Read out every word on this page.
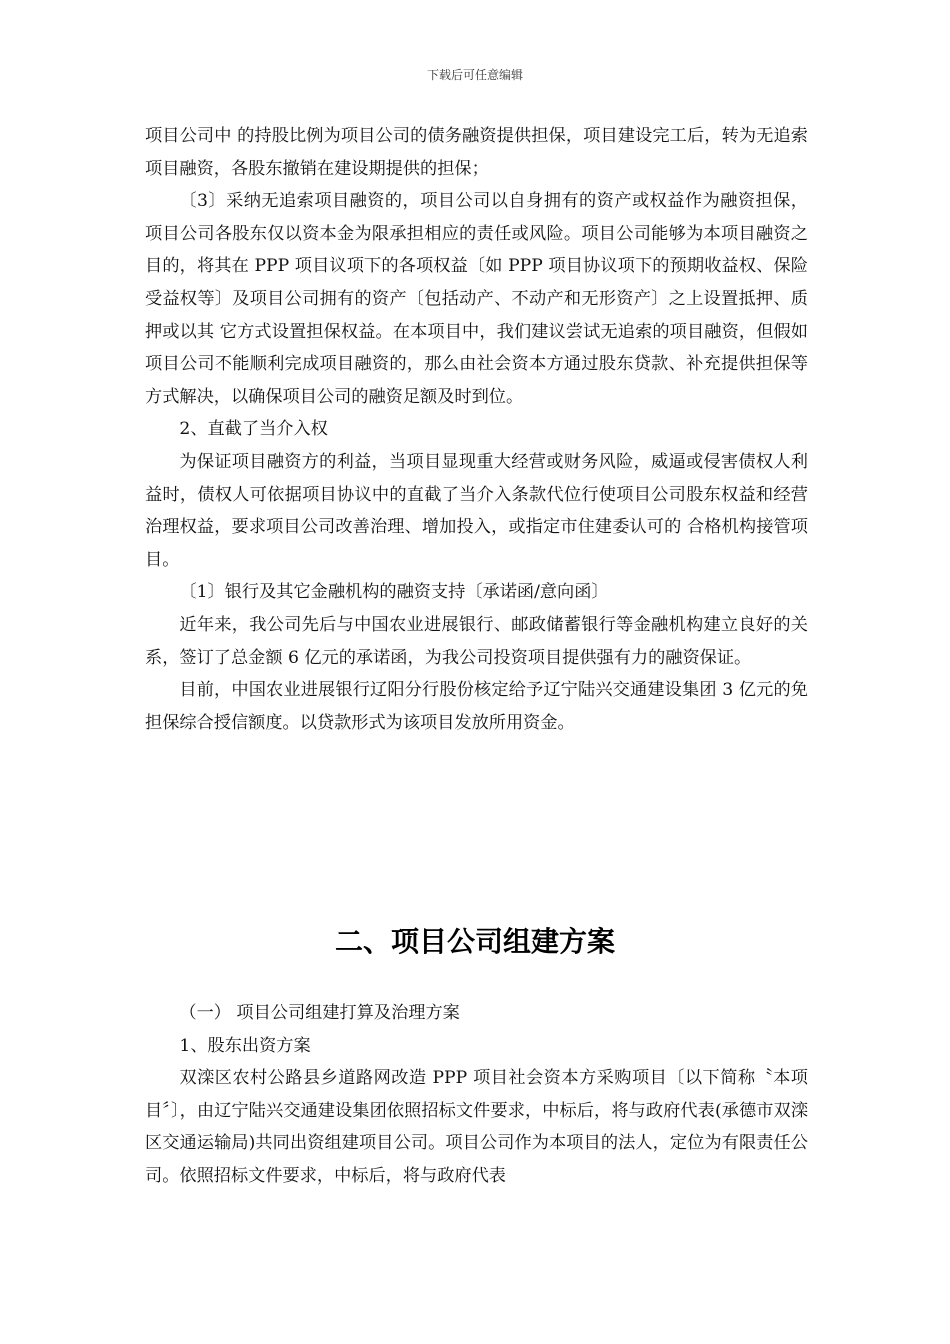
下载后可任意编辑

项目公司中 的持股比例为项目公司的债务融资提供担保，项目建设完工后，转为无追索项目融资，各股东撤销在建设期提供的担保；

〔3〕采纳无追索项目融资的，项目公司以自身拥有的资产或权益作为融资担保，项目公司各股东仅以资本金为限承担相应的责任或风险。项目公司能够为本项目融资之目的，将其在 PPP 项目议项下的各项权益〔如 PPP 项目协议项下的预期收益权、保险受益权等〕及项目公司拥有的资产〔包括动产、不动产和无形资产〕之上设置抵押、质押或以其 它方式设置担保权益。在本项目中，我们建议尝试无追索的项目融资，但假如项目公司不能顺利完成项目融资的，那么由社会资本方通过股东贷款、补充提供担保等方式解决，以确保项目公司的融资足额及时到位。

2、直截了当介入权

为保证项目融资方的利益，当项目显现重大经营或财务风险，威逼或侵害债权人利益时，债权人可依据项目协议中的直截了当介入条款代位行使项目公司股东权益和经营治理权益，要求项目公司改善治理、增加投入，或指定市住建委认可的 合格机构接管项目。

〔1〕银行及其它金融机构的融资支持〔承诺函/意向函〕

近年来，我公司先后与中国农业进展银行、邮政储蓄银行等金融机构建立良好的关系，签订了总金额 6 亿元的承诺函，为我公司投资项目提供强有力的融资保证。

目前，中国农业进展银行辽阳分行股份核定给予辽宁陆兴交通建设集团 3 亿元的免担保综合授信额度。以贷款形式为该项目发放所用资金。

二、项目公司组建方案

（一） 项目公司组建打算及治理方案

1、股东出资方案

双滦区农村公路县乡道路网改造 PPP 项目社会资本方采购项目〔以下简称〝本项目〞〕，由辽宁陆兴交通建设集团依照招标文件要求，中标后，将与政府代表(承德市双滦区交通运输局)共同出资组建项目公司。项目公司作为本项目的法人，定位为有限责任公司。依照招标文件要求，中标后，将与政府代表
